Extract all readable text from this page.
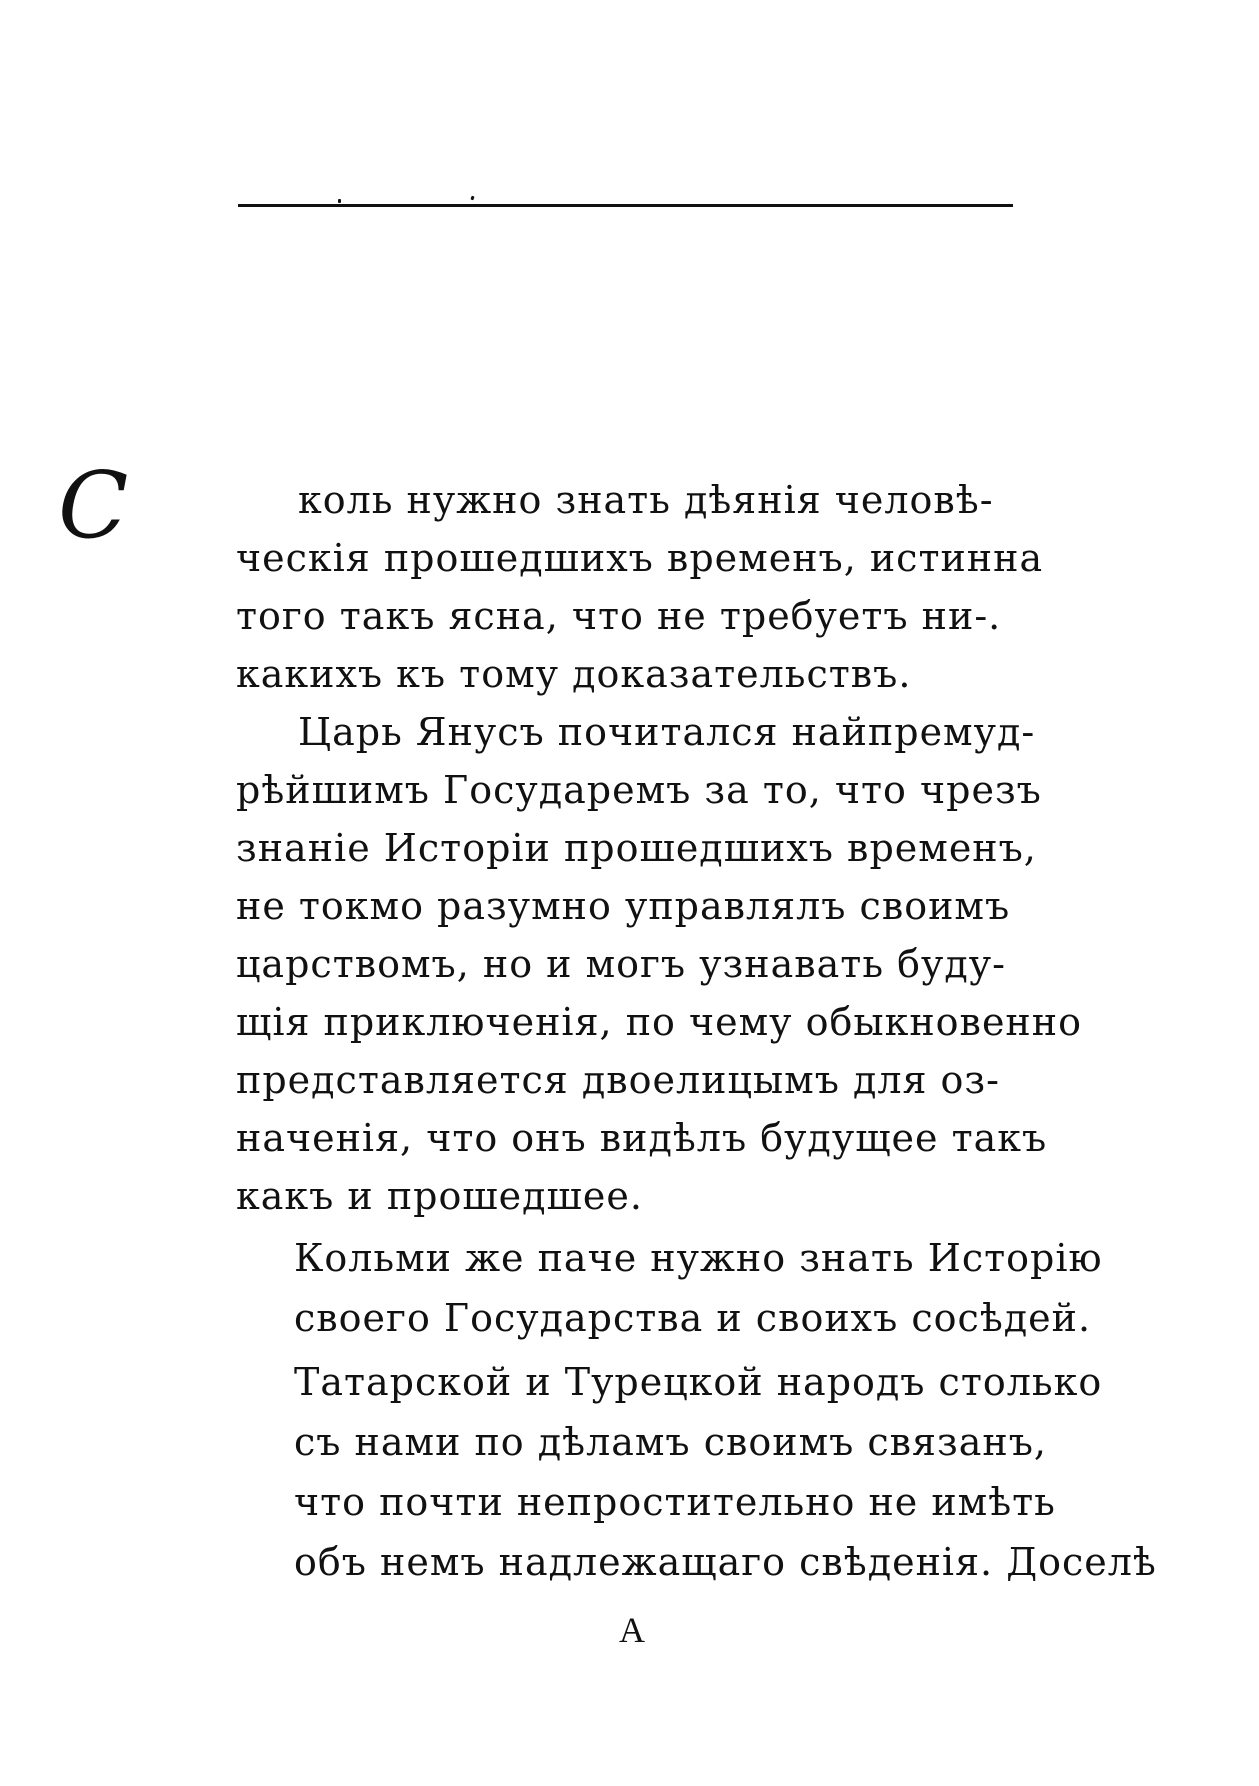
С	коль нужно знать дѣянія человѣ-
ческія прошедшихъ временъ, истинна
того такъ ясна, что не требуетъ ни-.
какихъ къ тому доказательствъ.
Царь Янусъ почитался найпремуд-
рѣйшимъ Государемъ за то, что чрезъ
знаніе Исторіи прошедшихъ временъ,
не токмо разумно управлялъ своимъ
царствомъ, но и могъ узнавать буду-
щія приключенія, по чему обыкновенно
представляется двоелицымъ для оз-
наченія, что онъ видѣлъ будущее такъ
какъ и прошедшее.
Кольми же паче нужно знать Исторію
своего Государства и своихъ сосѣдей.
Татарской и Турецкой народъ столько
съ нами по дѣламъ своимъ связанъ,
что почти непростительно не имѣть
объ немъ надлежащаго свѣденія. Доселѣ
А
